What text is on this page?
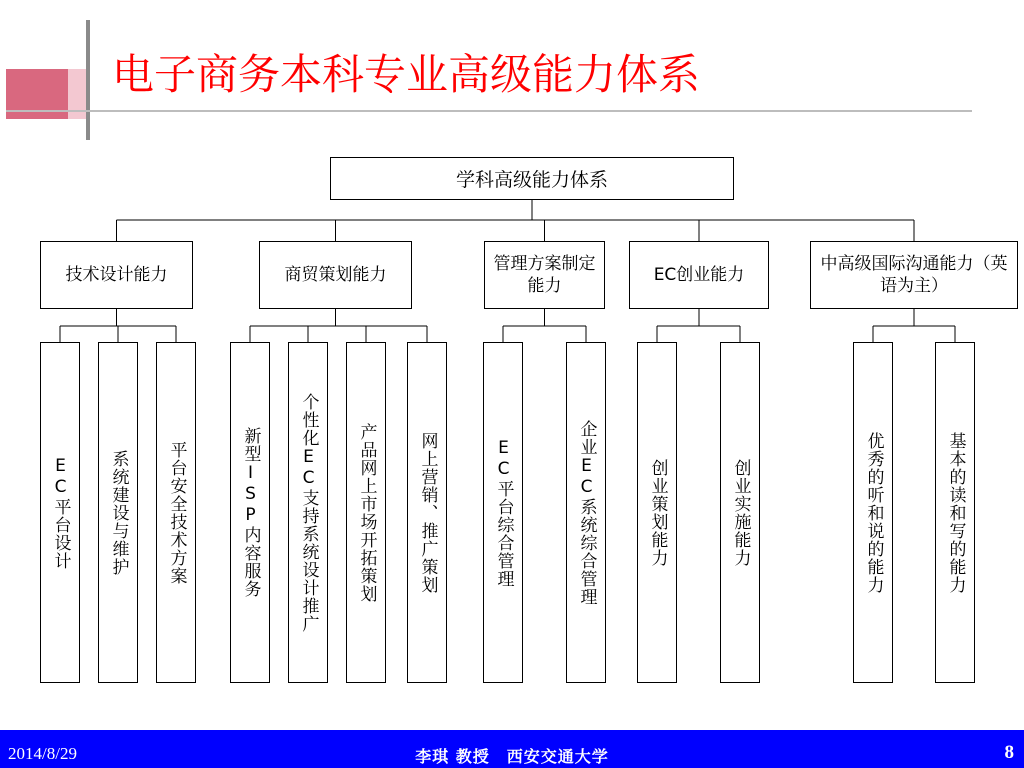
电子商务本科专业高级能力体系
学科高级能力体系
技术设计能力
EC平台设计	系统建设与维护	平台安全技术方案
商贸策划能力
新型ISP内容服务	个性化EC支持系统设计推广	产品网上市场开拓策划	网上营销、推广策划
管理方案制定能力
EC平台综合管理	企业EC系统综合管理
EC创业能力
创业策划能力	创业实施能力
中高级国际沟通能力（英语为主）
优秀的听和说的能力	基本的读和写的能力
2014/8/29	李琪 教授　西安交通大学	8
